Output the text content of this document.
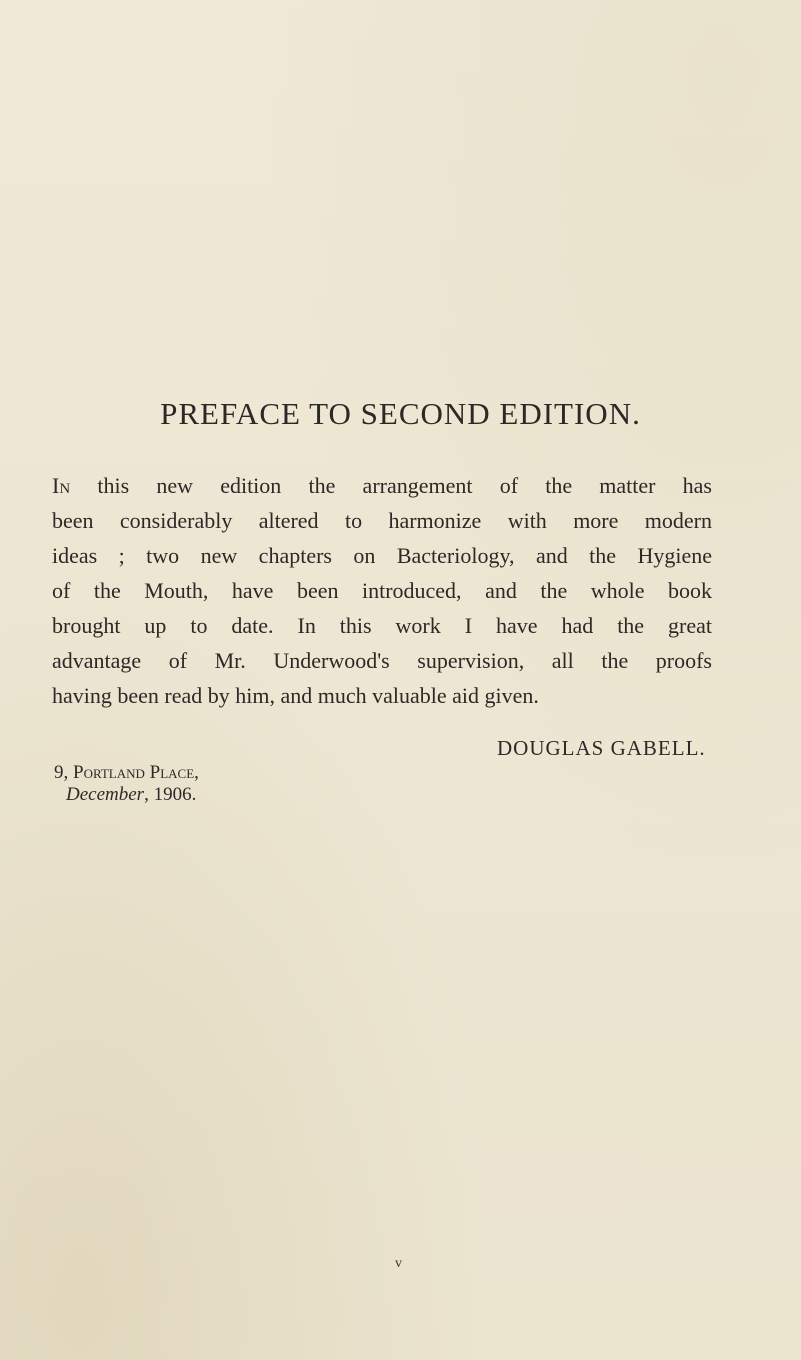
PREFACE TO SECOND EDITION.
In this new edition the arrangement of the matter has
been considerably altered to harmonize with more modern
ideas ; two new chapters on Bacteriology, and the Hygiene
of the Mouth, have been introduced, and the whole book
brought up to date. In this work I have had the great
advantage of Mr. Underwood's supervision, all the proofs
having been read by him, and much valuable aid given.

DOUGLAS GABELL.

9, Portland Place,
December, 1906.

v
